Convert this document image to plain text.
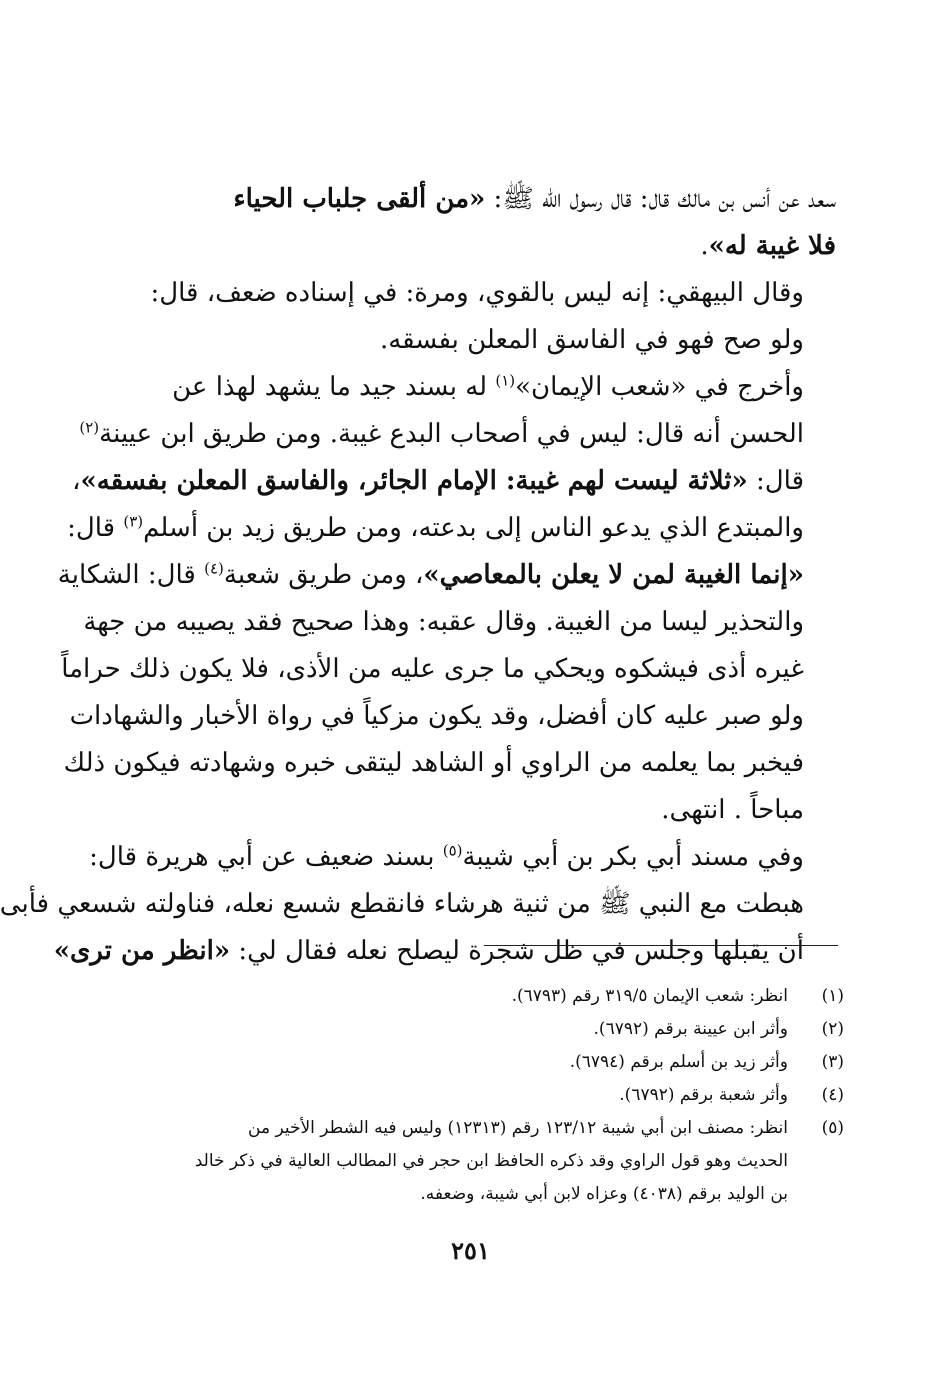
سعد عن أنس بن مالك قال: قال رسول الله ﷺ: «من ألقى جلباب الحياء
فلا غيبة له».

وقال البيهقي: إنه ليس بالقوي، ومرة: في إسناده ضعف، قال:
ولو صح فهو في الفاسق المعلن بفسقه.

وأخرج في «شعب الإيمان»$^{(١)}$ له بسند جيد ما يشهد لهذا عن
الحسن أنه قال: ليس في أصحاب البدع غيبة. ومن طريق ابن عيينة$^{(٢)}$
قال: «ثلاثة ليست لهم غيبة: الإمام الجائر، والفاسق المعلن بفسقه»،
والمبتدع الذي يدعو الناس إلى بدعته، ومن طريق زيد بن أسلم$^{(٣)}$ قال:
«إنما الغيبة لمن لا يعلن بالمعاصي»، ومن طريق شعبة$^{(٤)}$ قال: الشكاية
والتحذير ليسا من الغيبة. وقال عقبه: وهذا صحيح فقد يصيبه من جهة
غيره أذى فيشكوه ويحكي ما جرى عليه من الأذى، فلا يكون ذلك حراماً
ولو صبر عليه كان أفضل، وقد يكون مزكياً في رواة الأخبار والشهادات
فيخبر بما يعلمه من الراوي أو الشاهد ليتقى خبره وشهادته فيكون ذلك
مباحاً . انتهى.

وفي مسند أبي بكر بن أبي شيبة$^{(٥)}$ بسند ضعيف عن أبي هريرة قال:
هبطت مع النبي ﷺ من ثنية هرشاء فانقطع شسع نعله، فناولته شسعي فأبى
أن يقبلها وجلس في ظل شجرة ليصلح نعله فقال لي: «انظر من ترى»

(١)
انظر: شعب الإيمان ٣١٩/٥ رقم (٦٧٩٣).
(٢)
وأثر ابن عيينة برقم (٦٧٩٢).
(٣)
وأثر زيد بن أسلم برقم (٦٧٩٤).
(٤)
وأثر شعبة برقم (٦٧٩٢).
(٥)
انظر: مصنف ابن أبي شيبة ١٢٣/١٢ رقم (١٢٣١٣) وليس فيه الشطر الأخير من
الحديث وهو قول الراوي وقد ذكره الحافظ ابن حجر في المطالب العالية في ذكر خالد
بن الوليد برقم (٤٠٣٨) وعزاه لابن أبي شيبة، وضعفه.
٢٥١
